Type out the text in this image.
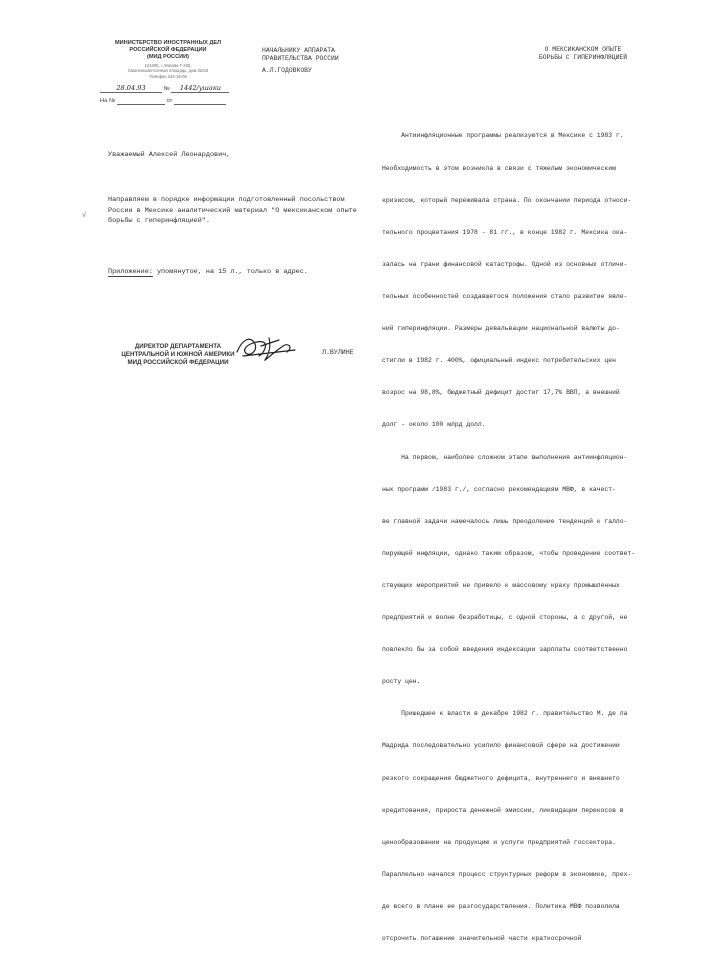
МИНИСТЕРСТВО ИНОСТРАННЫХ ДЕЛ
РОССИЙСКОЙ ФЕДЕРАЦИИ
(МИД РОССИИ)
121200, г. Москва Г-200,
Смоленская-Сенная площадь, дом 32/34
Телефон 244-16-06
28.04.93	№ 1442/ушаки
На №	от
НАЧАЛЬНИКУ АППАРАТА
ПРАВИТЕЛЬСТВА РОССИИ
А.Л.ГОДОВКОВУ
О МЕКСИКАНСКОМ ОПЫТЕ
БОРЬБЫ С ГИПЕРИНФЛЯЦИЕЙ
Уважаемый Алексей Леонардович,
√
Направляем в порядке информации подготовленный посольством
России в Мексике аналитический материал "О мексиканском опыте
борьбы с гиперинфляцией".
Приложение: упомянутое, на 15 л., только в адрес.
ДИРЕКТОР ДЕПАРТАМЕНТА
ЦЕНТРАЛЬНОЙ И ЮЖНОЙ АМЕРИКИ
МИД РОССИЙСКОЙ ФЕДЕРАЦИИ
Л.ВУЛИНЕ

Антиинфляционные программы реализуются в Мексике с 1983 г.

Необходимость в этом возникла в связи с тяжелым экономическим

кризисом, который переживала страна. По окончании периода относи-

тельного процветания 1978 - 81 гг., в конце 1982 г. Мексика ока-

залась на грани финансовой катастрофы. Одной из основных отличи-

тельных особенностей создавшегося положения стало развитие явле-

ний гиперинфляции. Размеры девальвации национальной валюты до-

стигли в 1982 г. 400%, официальный индекс потребительских цен

возрос на 98,8%, бюджетный дефицит достиг 17,7% ВВП, а внешний

долг - около 100 млрд долл.

На первом, наиболее сложном этапе выполнения антиинфляцион-

ных программ /1983 г./, согласно рекомендациям МВФ, в качест-

ве главной задачи намечалось лишь преодоление тенденций к галло-

пирующей инфляции, однако таким образом, чтобы проведение соответ-

ствующих мероприятий не привело к массовому краху промышленных

предприятий и волне безработицы, с одной стороны, а с другой, не

повлекло бы за собой введения индексации зарплаты соответственно

росту цен.

Пришедшее к власти в декабре 1982 г. правительство М. де ла

Мадрида последовательно усилило финансовой сфере на достижении

резкого сокращения бюджетного дефицита, внутреннего и внешнего

кредитования, прироста денежной эмиссии, ликвидации перекосов в

ценообразовании на продукцию и услуги предприятий госсектора.

Параллельно начался процесс структурных реформ в экономике, прех-

де всего в плане ее разгосударствления. Политика МВФ позволила

отсрочить погашение значительной части краткосрочной
